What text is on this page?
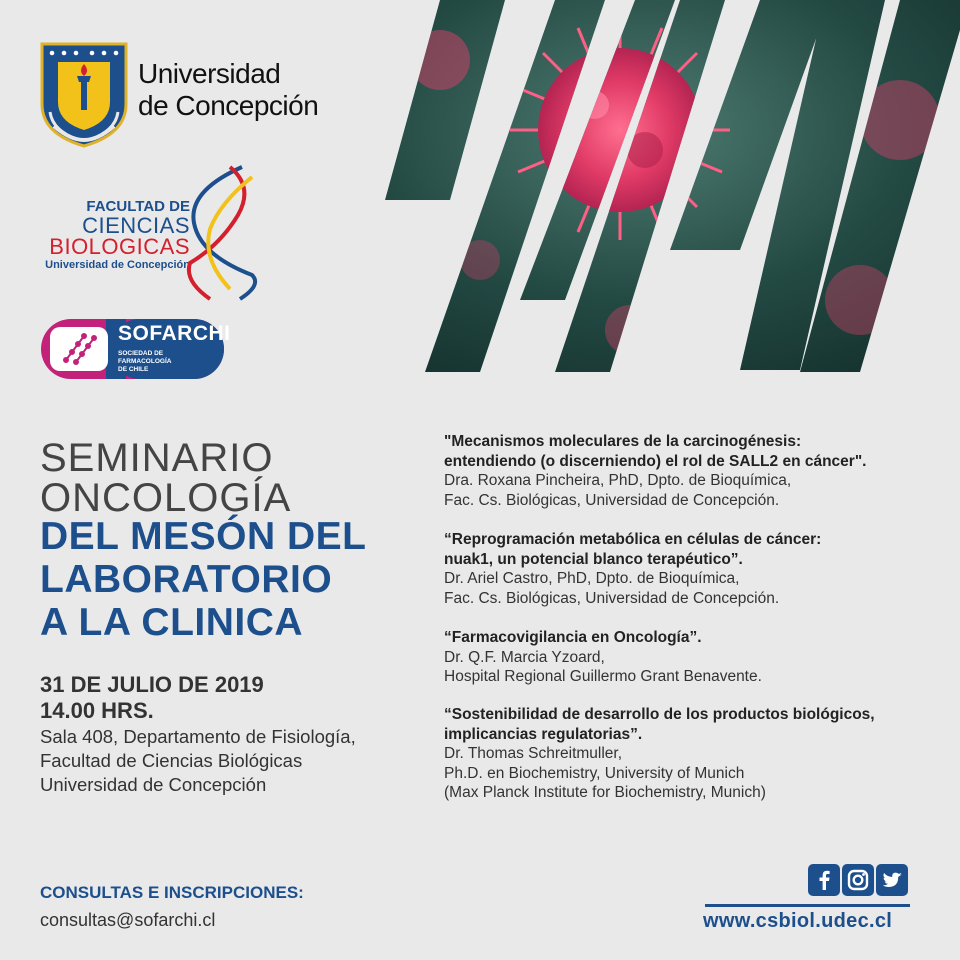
Universidad
de Concepción
FACULTAD DE
CIENCIAS
BIOLOGICAS
Universidad de Concepción
SOFARCHI
SOCIEDAD DE FARMACOLOGÍA
DE CHILE
SEMINARIO
ONCOLOGÍA
DEL MESÓN DEL
LABORATORIO
A LA CLINICA
31 DE JULIO DE 2019
14.00 HRS.
Sala 408, Departamento de Fisiología,
Facultad de Ciencias Biológicas
Universidad de Concepción
"Mecanismos moleculares de la carcinogénesis:
entendiendo (o discerniendo) el rol de SALL2 en cáncer".
Dra. Roxana Pincheira, PhD, Dpto. de Bioquímica,
Fac. Cs. Biológicas, Universidad de Concepción.
“Reprogramación metabólica en células de cáncer:
nuak1, un potencial blanco terapéutico”.
Dr. Ariel Castro, PhD, Dpto. de Bioquímica,
Fac. Cs. Biológicas, Universidad de Concepción.
“Farmacovigilancia en Oncología”.
Dr. Q.F. Marcia Yzoard,
Hospital Regional Guillermo Grant Benavente.
“Sostenibilidad de desarrollo de los productos biológicos,
implicancias regulatorias”.
Dr. Thomas Schreitmuller,
Ph.D. en Biochemistry, University of Munich
(Max Planck Institute for Biochemistry, Munich)
CONSULTAS E INSCRIPCIONES:
consultas@sofarchi.cl	www.csbiol.udec.cl
